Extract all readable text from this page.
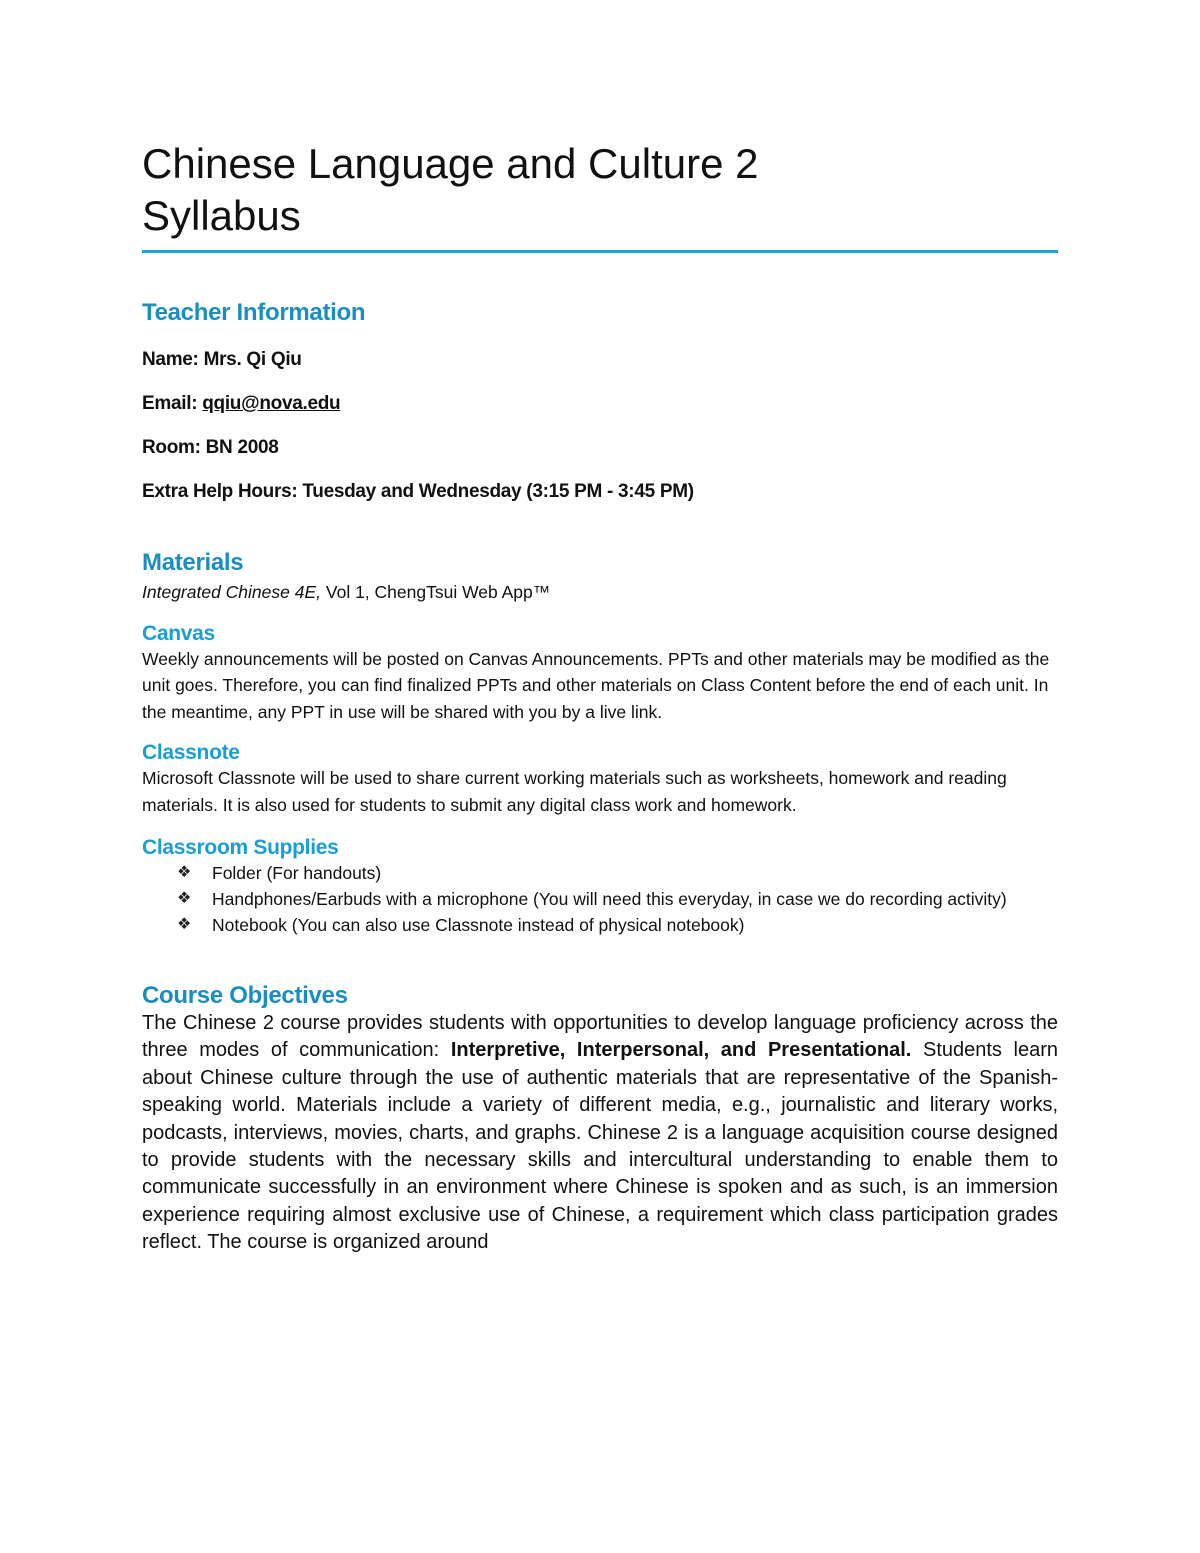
Chinese Language and Culture 2
Syllabus
Teacher Information

Name: Mrs. Qi Qiu

Email: qqiu@nova.edu

Room: BN 2008

Extra Help Hours: Tuesday and Wednesday (3:15 PM - 3:45 PM)

Materials

Integrated Chinese 4E, Vol 1, ChengTsui Web App™

Canvas

Weekly announcements will be posted on Canvas Announcements. PPTs and other materials may be modified as the unit goes. Therefore, you can find finalized PPTs and other materials on Class Content before the end of each unit. In the meantime, any PPT in use will be shared with you by a live link.

Classnote

Microsoft Classnote will be used to share current working materials such as worksheets, homework and reading materials. It is also used for students to submit any digital class work and homework.

Classroom Supplies
❖ Folder (For handouts)
❖ Handphones/Earbuds with a microphone (You will need this everyday, in case we do recording activity)
❖ Notebook (You can also use Classnote instead of physical notebook)
Course Objectives

The Chinese 2 course provides students with opportunities to develop language proficiency across the three modes of communication: Interpretive, Interpersonal, and Presentational. Students learn about Chinese culture through the use of authentic materials that are representative of the Spanish-speaking world. Materials include a variety of different media, e.g., journalistic and literary works, podcasts, interviews, movies, charts, and graphs. Chinese 2 is a language acquisition course designed to provide students with the necessary skills and intercultural understanding to enable them to communicate successfully in an environment where Chinese is spoken and as such, is an immersion experience requiring almost exclusive use of Chinese, a requirement which class participation grades reflect. The course is organized around
